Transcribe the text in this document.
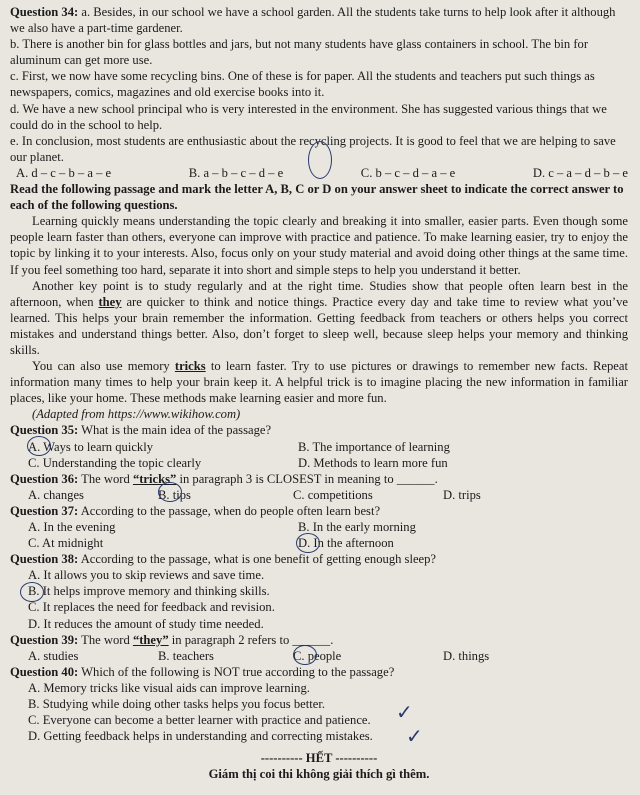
Question 34: a. Besides, in our school we have a school garden. All the students take turns to help look after it although we also have a part-time gardener.

b. There is another bin for glass bottles and jars, but not many students have glass containers in school. The bin for aluminum can get more use.

c. First, we now have some recycling bins. One of these is for paper. All the students and teachers put such things as newspapers, comics, magazines and old exercise books into it.

d. We have a new school principal who is very interested in the environment. She has suggested various things that we could do in the school to help.

e. In conclusion, most students are enthusiastic about the recycling projects. It is good to feel that we are helping to save our planet.

A. d – c – b – a – e	B. a – b – c – d – e	C. b – c – d – a – e	D. c – a – d – b – e

Read the following passage and mark the letter A, B, C or D on your answer sheet to indicate the correct answer to each of the following questions.

Learning quickly means understanding the topic clearly and breaking it into smaller, easier parts. Even though some people learn faster than others, everyone can improve with practice and patience. To make learning easier, try to enjoy the topic by linking it to your interests. Also, focus only on your study material and avoid doing other things at the same time. If you feel something too hard, separate it into short and simple steps to help you understand it better.

Another key point is to study regularly and at the right time. Studies show that people often learn best in the afternoon, when they are quicker to think and notice things. Practice every day and take time to review what you’ve learned. This helps your brain remember the information. Getting feedback from teachers or others helps you correct mistakes and understand things better. Also, don’t forget to sleep well, because sleep helps your memory and thinking skills.

You can also use memory tricks to learn faster. Try to use pictures or drawings to remember new facts. Repeat information many times to help your brain keep it. A helpful trick is to imagine placing the new information in familiar places, like your home. These methods make learning easier and more fun.

(Adapted from https://www.wikihow.com)

Question 35: What is the main idea of the passage?

A. Ways to learn quickly	B. The importance of learning
C. Understanding the topic clearly	D. Methods to learn more fun

Question 36: The word “tricks” in paragraph 3 is CLOSEST in meaning to ______.

A. changes	B. tips	C. competitions	D. trips

Question 37: According to the passage, when do people often learn best?

A. In the evening	B. In the early morning
C. At midnight	D. In the afternoon

Question 38: According to the passage, what is one benefit of getting enough sleep?

A. It allows you to skip reviews and save time.
B. It helps improve memory and thinking skills.
C. It replaces the need for feedback and revision.
D. It reduces the amount of study time needed.

Question 39: The word “they” in paragraph 2 refers to ______.

A. studies	B. teachers	C. people	D. things

Question 40: Which of the following is NOT true according to the passage?

A. Memory tricks like visual aids can improve learning.
B. Studying while doing other tasks helps you focus better.
C. Everyone can become a better learner with practice and patience.
D. Getting feedback helps in understanding and correcting mistakes.

---------- HẾT ----------

Giám thị coi thi không giải thích gì thêm.

✓
✓
